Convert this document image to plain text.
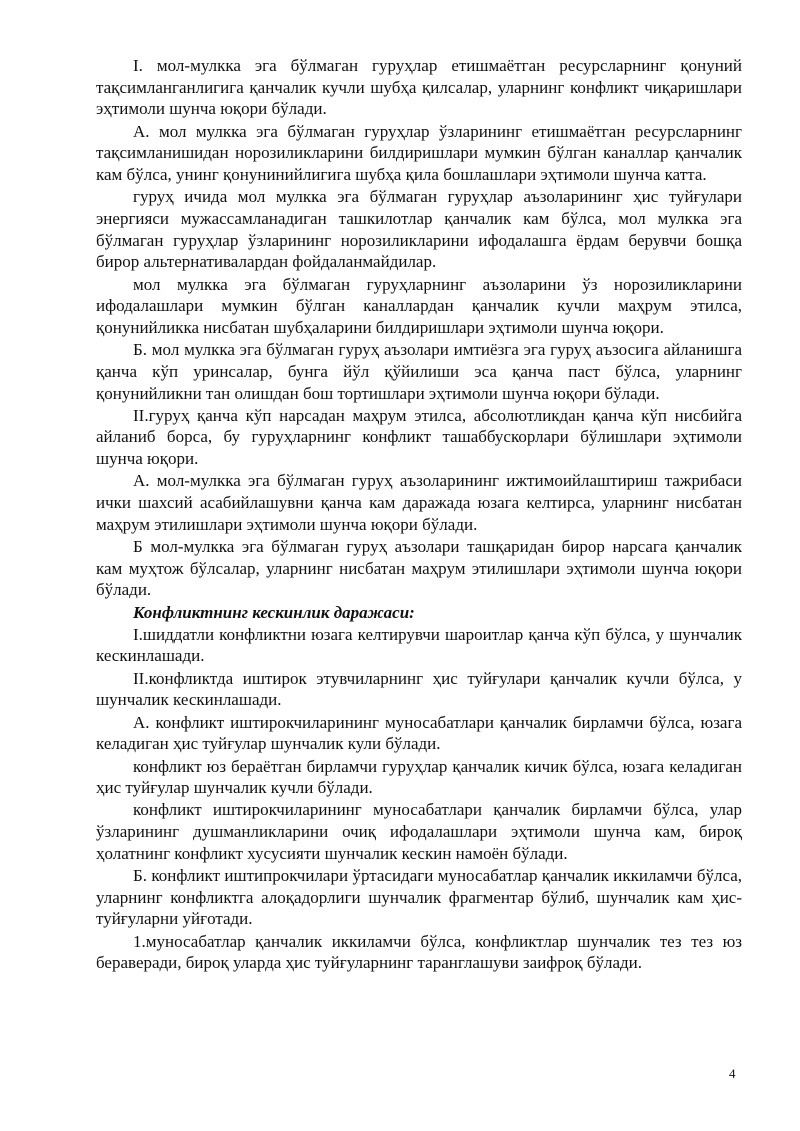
I. мол-мулкка эга бўлмаган гуруҳлар етишмаётган ресурсларнинг қонуний тақсимланганлигига қанчалик кучли шубҳа қилсалар, уларнинг конфликт чиқаришлари эҳтимоли шунча юқори бўлади.

А. мол мулкка эга бўлмаган гуруҳлар ўзларининг етишмаётган ресурсларнинг тақсимланишидан норозиликларини билдиришлари мумкин бўлган каналлар қанчалик кам бўлса, унинг қонунинийлигига шубҳа қила бошлашлари эҳтимоли шунча катта.

гуруҳ ичида мол мулкка эга бўлмаган гуруҳлар аъзоларининг ҳис туйғулари энергияси мужассамланадиган ташкилотлар қанчалик кам бўлса, мол мулкка эга бўлмаган гуруҳлар ўзларининг норозиликларини ифодалашга ёрдам берувчи бошқа бирор альтернативалардан фойдаланмайдилар.

мол мулкка эга бўлмаган гуруҳларнинг аъзоларини ўз норозиликларини ифодалашлари мумкин бўлган каналлардан қанчалик кучли маҳрум этилса, қонунийликка нисбатан шубҳаларини билдиришлари эҳтимоли шунча юқори.

Б. мол мулкка эга бўлмаган гуруҳ аъзолари имтиёзга эга гуруҳ аъзосига айланишга қанча кўп уринсалар, бунга йўл қўйилиши эса қанча паст бўлса, уларнинг қонунийликни тан олишдан бош тортишлари эҳтимоли шунча юқори бўлади.

II.гуруҳ қанча кўп нарсадан маҳрум этилса, абсолютликдан қанча кўп нисбийга айланиб борса, бу гуруҳларнинг конфликт ташаббускорлари бўлишлари эҳтимоли шунча юқори.

А. мол-мулкка эга бўлмаган гуруҳ аъзоларининг ижтимоийлаштириш тажрибаси ички шахсий асабийлашувни қанча кам даражада юзага келтирса, уларнинг нисбатан маҳрум этилишлари эҳтимоли шунча юқори бўлади.

Б мол-мулкка эга бўлмаган гуруҳ аъзолари ташқаридан бирор нарсага қанчалик кам муҳтож бўлсалар, уларнинг нисбатан маҳрум этилишлари эҳтимоли шунча юқори бўлади.

Конфликтнинг кескинлик даражаси:

I.шиддатли конфликтни юзага келтирувчи шароитлар қанча кўп бўлса, у шунчалик кескинлашади.

II.конфликтда иштирок этувчиларнинг ҳис туйғулари қанчалик кучли бўлса, у шунчалик кескинлашади.

А. конфликт иштирокчиларининг муносабатлари қанчалик бирламчи бўлса, юзага келадиган ҳис туйғулар шунчалик кули бўлади.

конфликт юз бераётган бирламчи гуруҳлар қанчалик кичик бўлса, юзага келадиган ҳис туйғулар шунчалик кучли бўлади.

конфликт иштирокчиларининг муносабатлари қанчалик бирламчи бўлса, улар ўзларининг душманликларини очиқ ифодалашлари эҳтимоли шунча кам, бироқ ҳолатнинг конфликт хусусияти шунчалик кескин намоён бўлади.

Б. конфликт иштипрокчилари ўртасидаги муносабатлар қанчалик иккиламчи бўлса, уларнинг конфликтга алоқадорлиги шунчалик фрагментар бўлиб, шунчалик кам ҳис-туйғуларни уйғотади.

1.муносабатлар қанчалик иккиламчи бўлса, конфликтлар шунчалик тез тез юз бераверади, бироқ уларда ҳис туйғуларнинг таранглашуви заифроқ бўлади.

4
